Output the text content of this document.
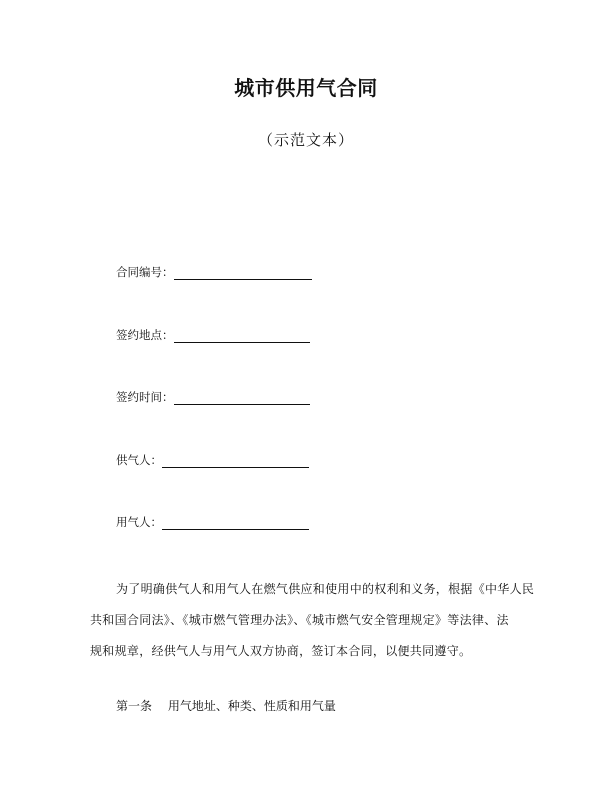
城市供用气合同
（示范文本）
合同编号：
签约地点：
签约时间：
供气人：
用气人：
为了明确供气人和用气人在燃气供应和使用中的权利和义务，根据《中华人民
共和国合同法》、《城市燃气管理办法》、《城市燃气安全管理规定》等法律、法
规和规章，经供气人与用气人双方协商，签订本合同，以便共同遵守。
第一条 用气地址、种类、性质和用气量
